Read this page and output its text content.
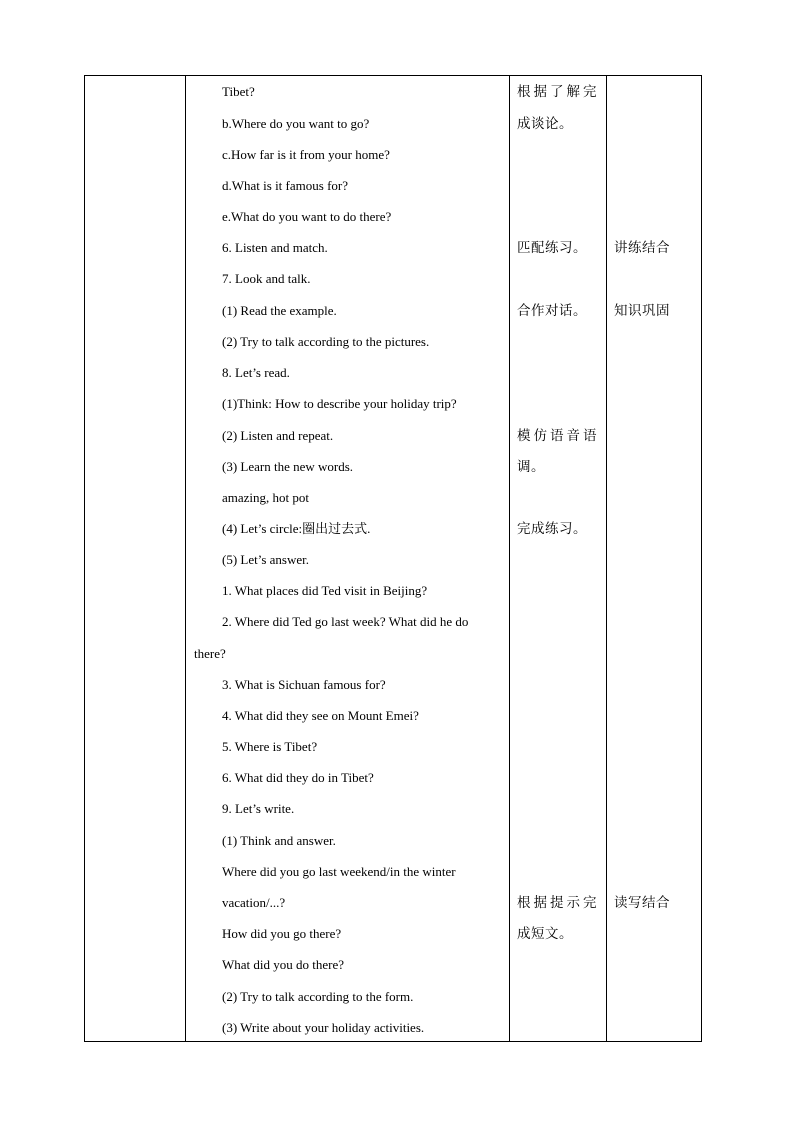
Tibet?
b.Where do you want to go?
c.How far is it from your home?
d.What is it famous for?
e.What do you want to do there?
6. Listen and match.
7. Look and talk.
(1) Read the example.
(2) Try to talk according to the pictures.
8. Let’s read.
(1)Think: How to describe your holiday trip?
(2) Listen and repeat.
(3) Learn the new words.
amazing, hot pot
(4) Let’s circle:圈出过去式.
(5) Let’s answer.
1. What places did Ted visit in Beijing?
2. Where did Ted go last week? What did he do
there?
3. What is Sichuan famous for?
4. What did they see on Mount Emei?
5. Where is Tibet?
6. What did they do in Tibet?
9. Let’s write.
(1) Think and answer.
Where did you go last weekend/in the winter
vacation/...?
How did you go there?
What did you do there?
(2) Try to talk according to the form.
(3) Write about your holiday activities.
根据了解完
成谈论。
匹配练习。
合作对话。
模仿语音语
调。
完成练习。
根据提示完
成短文。
讲练结合
知识巩固
读写结合
